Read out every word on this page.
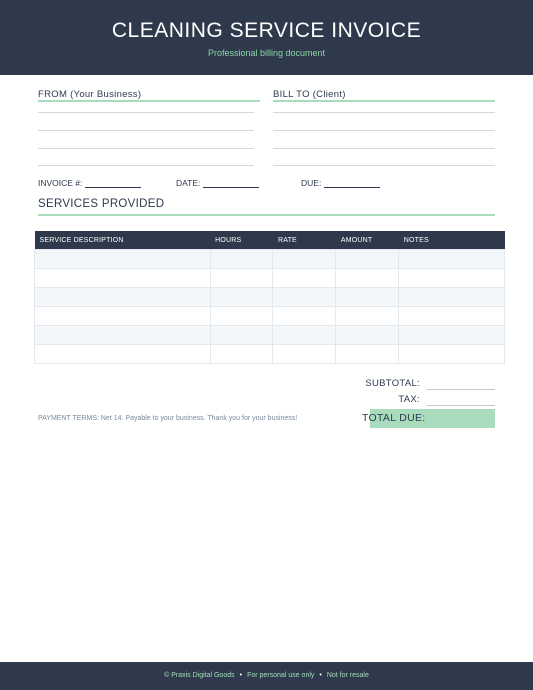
CLEANING SERVICE INVOICE
Professional billing document
FROM (Your Business)	BILL TO (Client)
INVOICE #:	DATE:	DUE:
SERVICES PROVIDED
SERVICE DESCRIPTION	HOURS	RATE	AMOUNT	NOTES

SUBTOTAL:
TAX:
TOTAL DUE:
PAYMENT TERMS: Net 14. Payable to your business. Thank you for your business!
© Praxis Digital Goods • For personal use only • Not for resale
